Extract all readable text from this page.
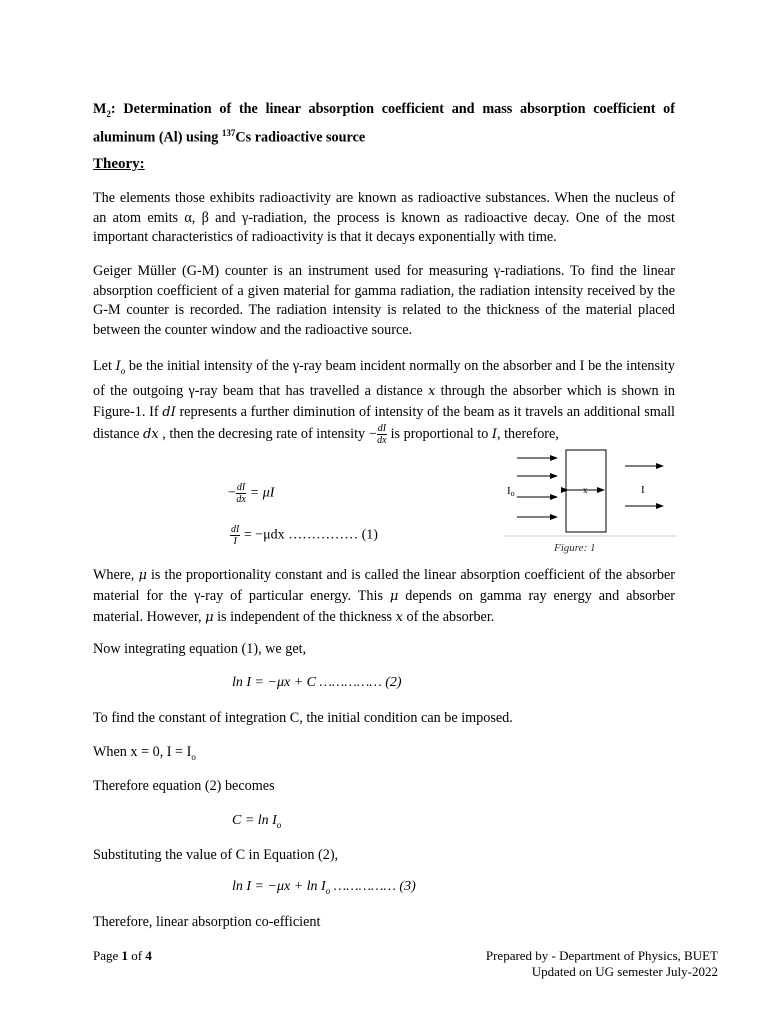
$M_2$: Determination of the linear absorption coefficient and mass absorption coefficient of aluminum (Al) using $^{137}$Cs radioactive source

Theory:

The elements those exhibits radioactivity are known as radioactive substances. When the nucleus of an atom emits α, β and γ-radiation, the process is known as radioactive decay. One of the most important characteristics of radioactivity is that it decays exponentially with time.

Geiger Müller (G-M) counter is an instrument used for measuring γ-radiations. To find the linear absorption coefficient of a given material for gamma radiation, the radiation intensity received by the G-M counter is recorded. The radiation intensity is related to the thickness of the material placed between the counter window and the radioactive source.

Let $I_o$ be the initial intensity of the γ-ray beam incident normally on the absorber and I be the intensity of the outgoing γ-ray beam that has travelled a distance x through the absorber which is shown in Figure-1. If dI represents a further diminution of intensity of the beam as it travels an additional small distance dx , then the decresing rate of intensity − $\frac{dI}{dx}$ is proportional to I, therefore,

− $\frac{dI}{dx} = \mu I$
$\frac{dI}{I} = -\mu dx$ …………… (1)
Io	x	I
Figure: 1

Where, μ is the proportionality constant and is called the linear absorption coefficient of the absorber material for the γ-ray of particular energy. This μ depends on gamma ray energy and absorber material. However, μ is independent of the thickness x of the absorber.

Now integrating equation (1), we get,

ln I = −μx + C …………… (2)

To find the constant of integration C, the initial condition can be imposed.

When x = 0, $I = I_o$

Therefore equation (2) becomes

$C = \ln I_o$

Substituting the value of C in Equation (2),

$\ln I = -\mu x + \ln I_o$ …………… (3)

Therefore, linear absorption co-efficient

Page 1 of 4	Prepared by - Department of Physics, BUET
Updated on UG semester July-2022
